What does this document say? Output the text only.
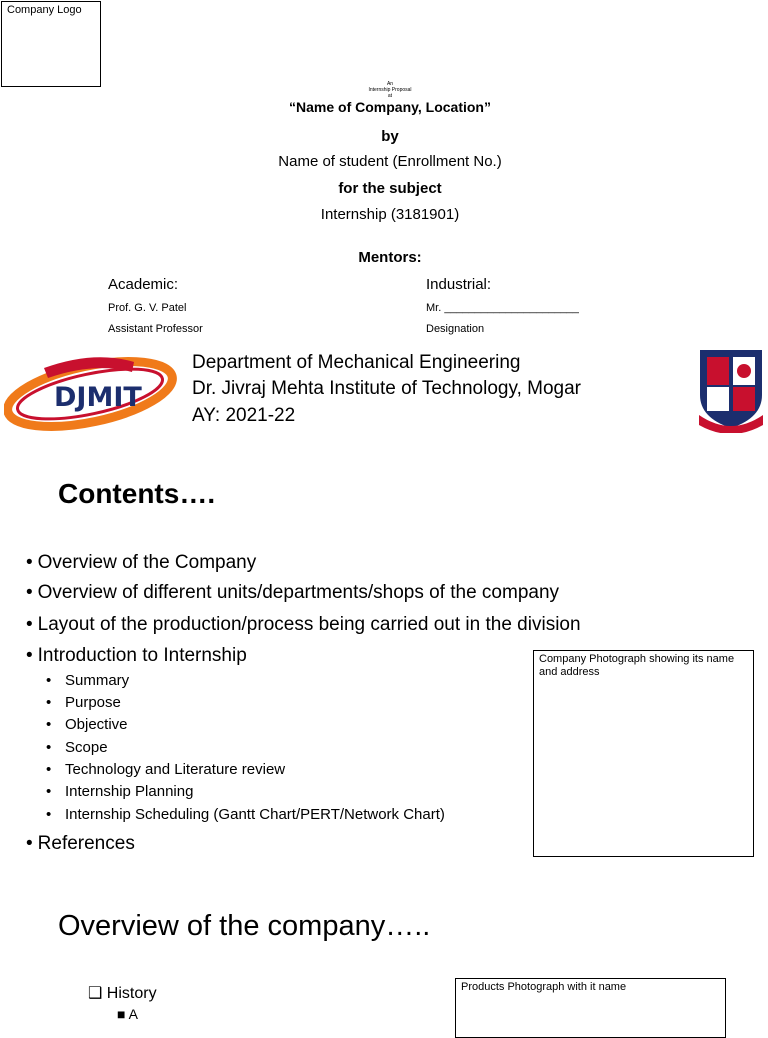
Company Logo
An
Internship Proposal
at
“Name of Company, Location”
by
Name of student (Enrollment No.)
for the subject
Internship (3181901)
Mentors:
Academic:
Prof. G. V. Patel
Assistant Professor
Industrial:
Mr. ______________________
Designation
DJMIT
Department of Mechanical Engineering
Dr. Jivraj Mehta Institute of Technology, Mogar
AY: 2021-22
Contents….
• Overview of the Company
• Overview of different units/departments/shops of the company
• Layout of the production/process being carried out in the division
• Introduction to Internship
• Summary
• Purpose
• Objective
• Scope
• Technology and Literature review
• Internship Planning
• Internship Scheduling (Gantt Chart/PERT/Network Chart)
• References
Company Photograph showing its name and address
Overview of the company…..
❑ History
■ A
Products Photograph with it name
